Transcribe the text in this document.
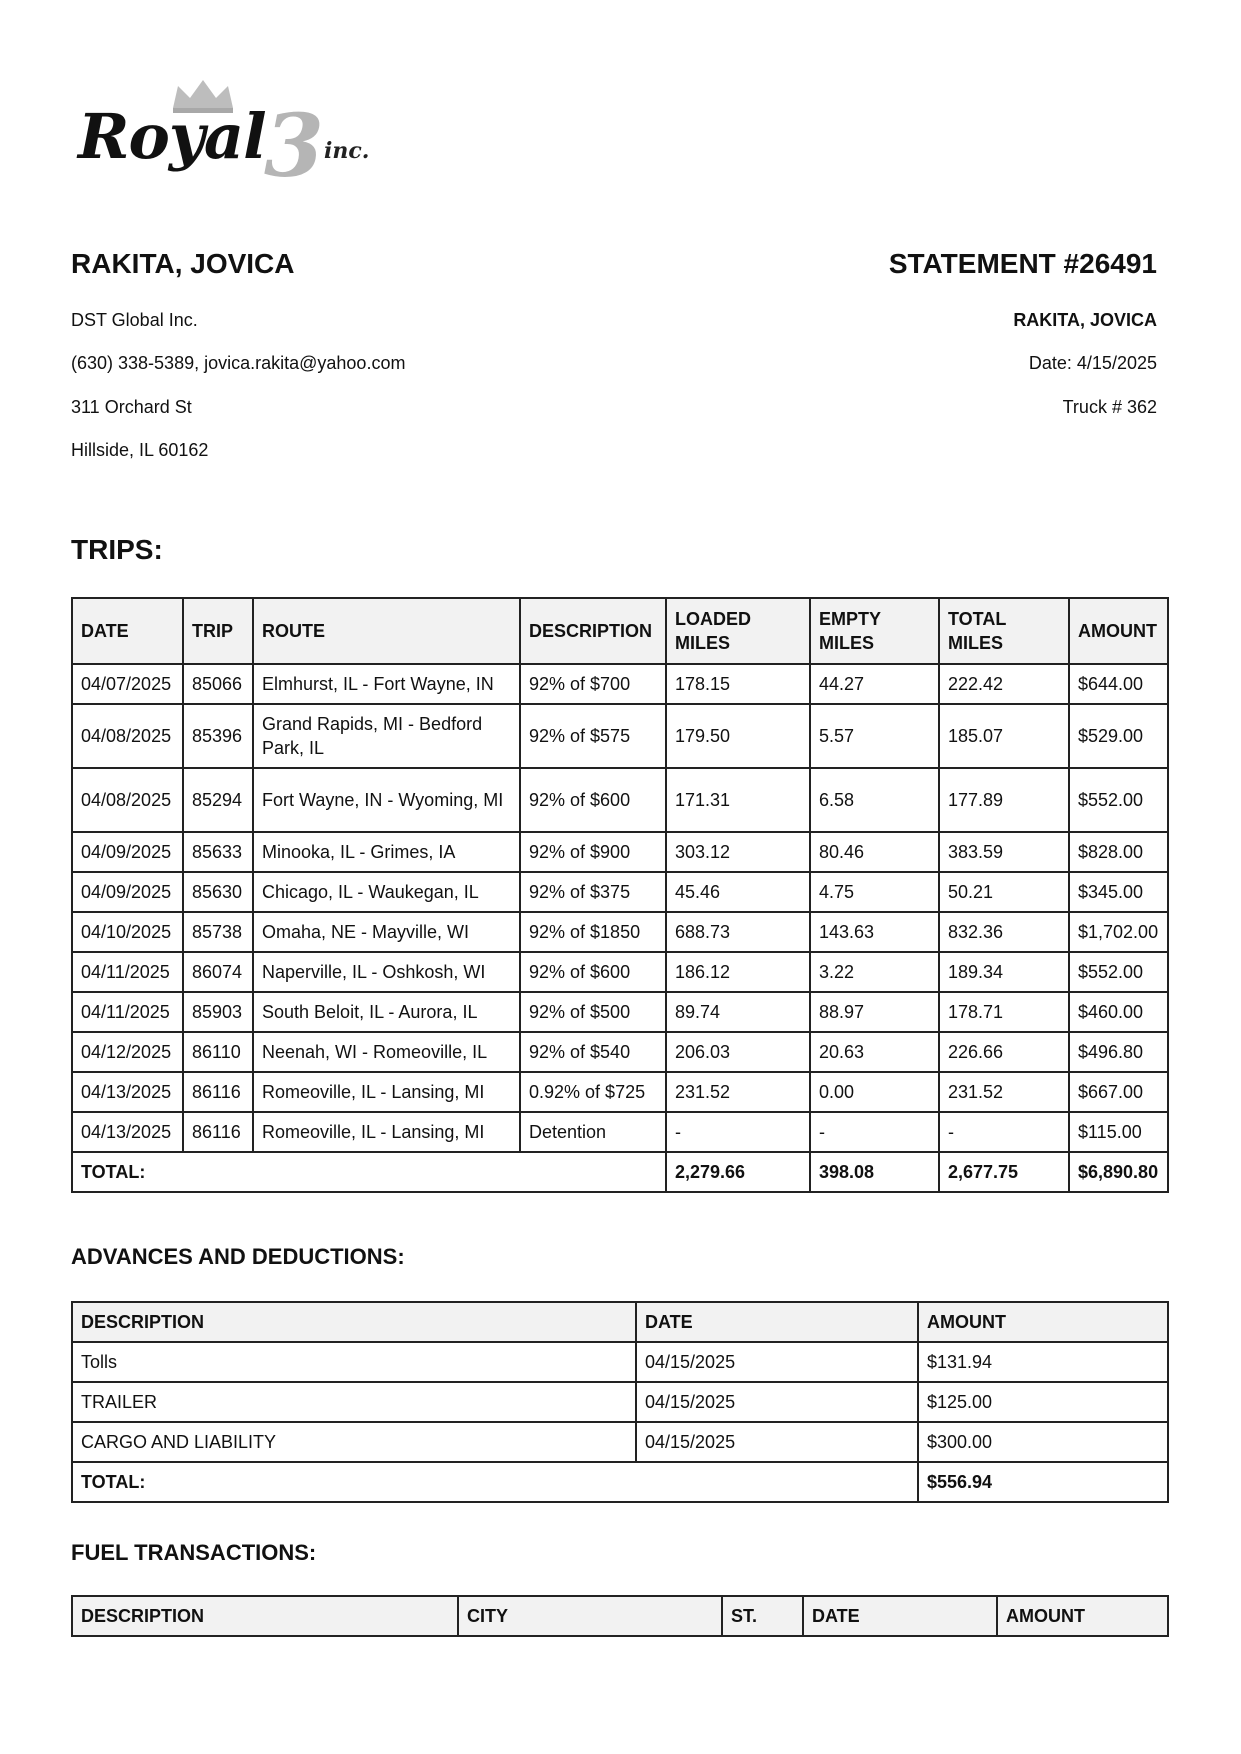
Royal
3 inc.
RAKITA, JOVICA	STATEMENT #26491
DST Global Inc.
(630) 338-5389, jovica.rakita@yahoo.com
311 Orchard St
Hillside, IL 60162
RAKITA, JOVICA
Date: 4/15/2025
Truck # 362
TRIPS:
DATE	TRIP	ROUTE	DESCRIPTION	LOADED MILES	EMPTY MILES	TOTAL MILES	AMOUNT
04/07/2025	85066	Elmhurst, IL - Fort Wayne, IN	92% of $700	178.15	44.27	222.42	$644.00
04/08/2025	85396	Grand Rapids, MI - Bedford Park, IL	92% of $575	179.50	5.57	185.07	$529.00
04/08/2025	85294	Fort Wayne, IN - Wyoming, MI	92% of $600	171.31	6.58	177.89	$552.00
04/09/2025	85633	Minooka, IL - Grimes, IA	92% of $900	303.12	80.46	383.59	$828.00
04/09/2025	85630	Chicago, IL - Waukegan, IL	92% of $375	45.46	4.75	50.21	$345.00
04/10/2025	85738	Omaha, NE - Mayville, WI	92% of $1850	688.73	143.63	832.36	$1,702.00
04/11/2025	86074	Naperville, IL - Oshkosh, WI	92% of $600	186.12	3.22	189.34	$552.00
04/11/2025	85903	South Beloit, IL - Aurora, IL	92% of $500	89.74	88.97	178.71	$460.00
04/12/2025	86110	Neenah, WI - Romeoville, IL	92% of $540	206.03	20.63	226.66	$496.80
04/13/2025	86116	Romeoville, IL - Lansing, MI	0.92% of $725	231.52	0.00	231.52	$667.00
04/13/2025	86116	Romeoville, IL - Lansing, MI	Detention	-	-	-	$115.00
TOTAL:				2,279.66	398.08	2,677.75	$6,890.80
ADVANCES AND DEDUCTIONS:
DESCRIPTION	DATE	AMOUNT
Tolls	04/15/2025	$131.94
TRAILER	04/15/2025	$125.00
CARGO AND LIABILITY	04/15/2025	$300.00
TOTAL:		$556.94
FUEL TRANSACTIONS:
DESCRIPTION	CITY	ST.	DATE	AMOUNT
